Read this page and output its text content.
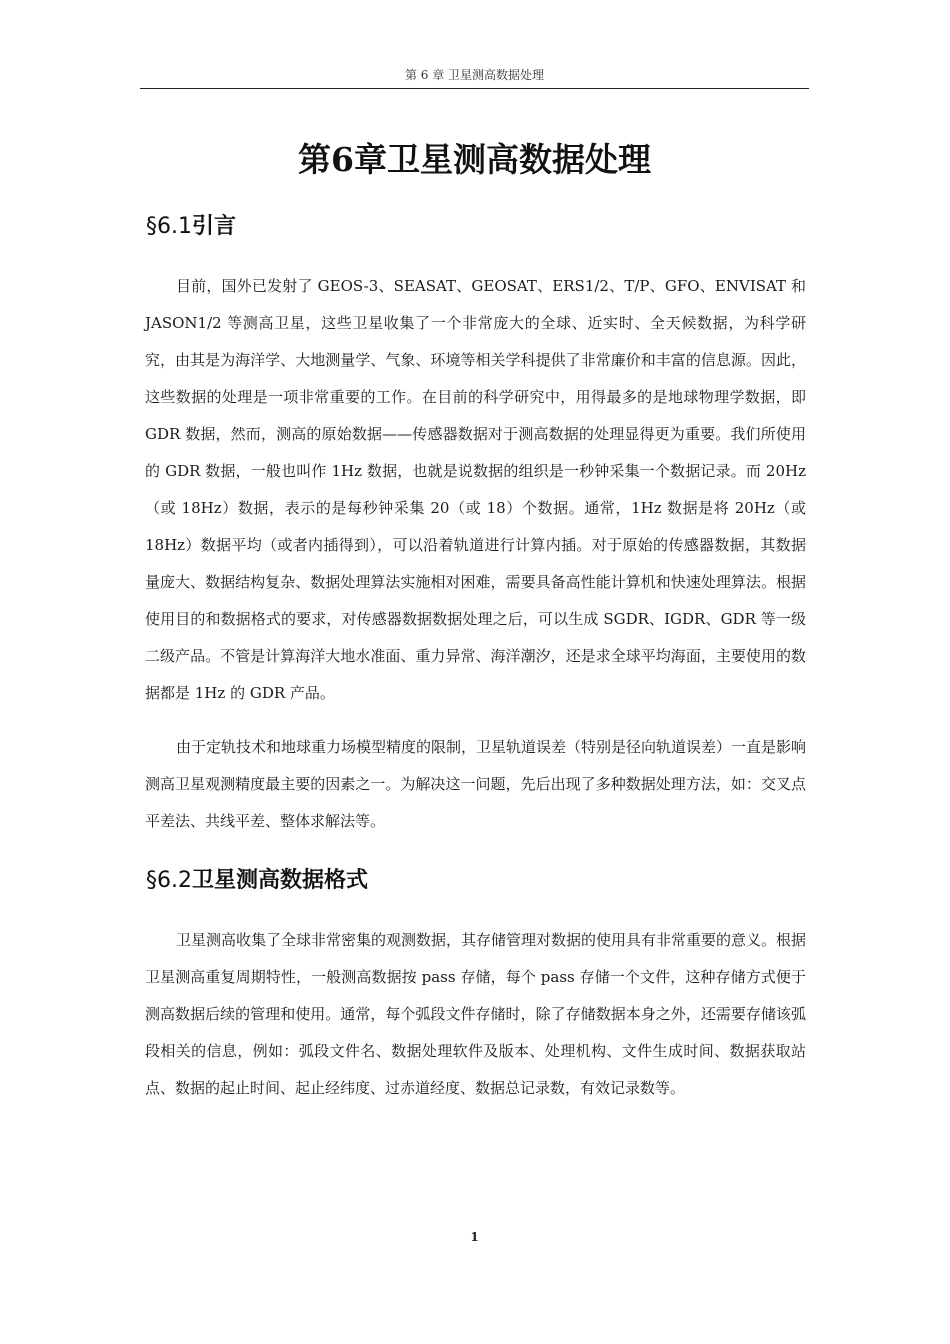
第 6 章 卫星测高数据处理
第6章卫星测高数据处理
§6.1引言

目前，国外已发射了 GEOS-3、SEASAT、GEOSAT、ERS1/2、T/P、GFO、ENVISAT 和 JASON1/2 等测高卫星，这些卫星收集了一个非常庞大的全球、近实时、全天候数据，为科学研究，由其是为海洋学、大地测量学、气象、环境等相关学科提供了非常廉价和丰富的信息源。因此，这些数据的处理是一项非常重要的工作。在目前的科学研究中，用得最多的是地球物理学数据，即 GDR 数据，然而，测高的原始数据——传感器数据对于测高数据的处理显得更为重要。我们所使用的 GDR 数据，一般也叫作 1Hz 数据，也就是说数据的组织是一秒钟采集一个数据记录。而 20Hz（或 18Hz）数据，表示的是每秒钟采集 20（或 18）个数据。通常，1Hz 数据是将 20Hz（或 18Hz）数据平均（或者内插得到），可以沿着轨道进行计算内插。对于原始的传感器数据，其数据量庞大、数据结构复杂、数据处理算法实施相对困难，需要具备高性能计算机和快速处理算法。根据使用目的和数据格式的要求，对传感器数据数据处理之后，可以生成 SGDR、IGDR、GDR 等一级二级产品。不管是计算海洋大地水准面、重力异常、海洋潮汐，还是求全球平均海面，主要使用的数据都是 1Hz 的 GDR 产品。

由于定轨技术和地球重力场模型精度的限制，卫星轨道误差（特别是径向轨道误差）一直是影响测高卫星观测精度最主要的因素之一。为解决这一问题，先后出现了多种数据处理方法，如：交叉点平差法、共线平差、整体求解法等。

§6.2卫星测高数据格式

卫星测高收集了全球非常密集的观测数据，其存储管理对数据的使用具有非常重要的意义。根据卫星测高重复周期特性，一般测高数据按 pass 存储，每个 pass 存储一个文件，这种存储方式便于测高数据后续的管理和使用。通常，每个弧段文件存储时，除了存储数据本身之外，还需要存储该弧段相关的信息，例如：弧段文件名、数据处理软件及版本、处理机构、文件生成时间、数据获取站点、数据的起止时间、起止经纬度、过赤道经度、数据总记录数，有效记录数等。

1
